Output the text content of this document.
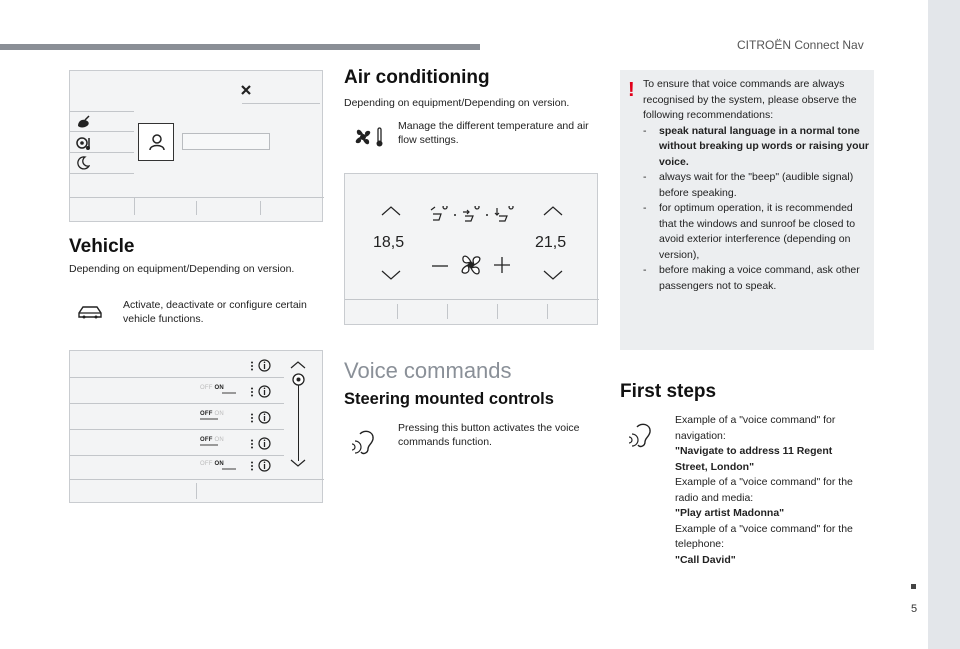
CITROËN Connect Nav
5
Vehicle
Depending on equipment/Depending on version.
Activate, deactivate or configure certain vehicle functions.
OFF ON
OFF ON
OFF ON
OFF ON
Air conditioning
Depending on equipment/Depending on version.
Manage the different temperature and air flow settings.
18,5	21,5
Voice commands
Steering mounted controls
Pressing this button activates the voice commands function.
! To ensure that voice commands are always recognised by the system, please observe the following recommendations:
- speak natural language in a normal tone without breaking up words or raising your voice.
- always wait for the "beep" (audible signal) before speaking.
- for optimum operation, it is recommended that the windows and sunroof be closed to avoid exterior interference (depending on version),
- before making a voice command, ask other passengers not to speak.
First steps
Example of a "voice command" for navigation:
"Navigate to address 11 Regent Street, London"
Example of a "voice command" for the radio and media:
"Play artist Madonna"
Example of a "voice command" for the telephone:
"Call David"
